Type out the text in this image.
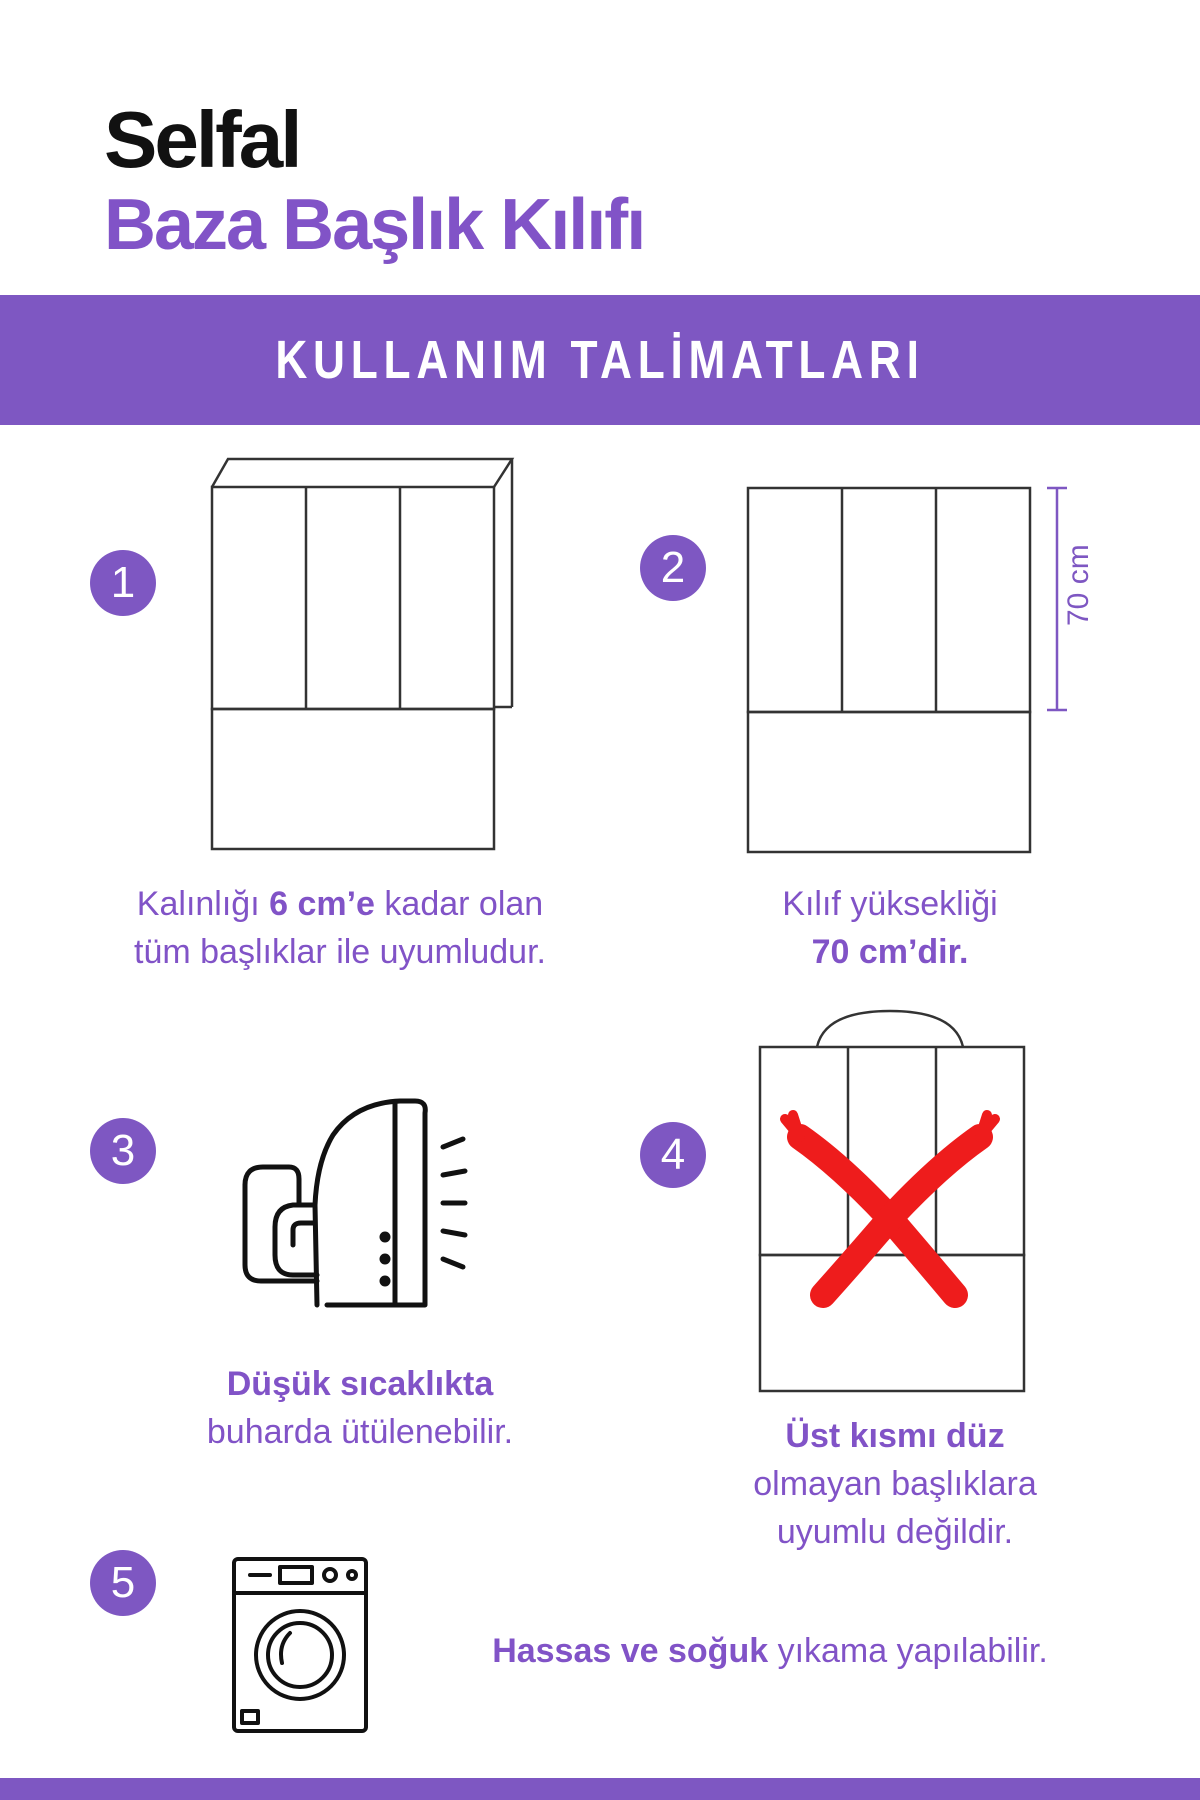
Selfal
Baza Başlık Kılıfı
KULLANIM TALİMATLARI
1
Kalınlığı 6 cm’e kadar olan
tüm başlıklar ile uyumludur.
2	70 cm
Kılıf yüksekliği
70 cm’dir.
3
Düşük sıcaklıkta
buharda ütülenebilir.
4
Üst kısmı düz
olmayan başlıklara
uyumlu değildir.
5
Hassas ve soğuk yıkama yapılabilir.
